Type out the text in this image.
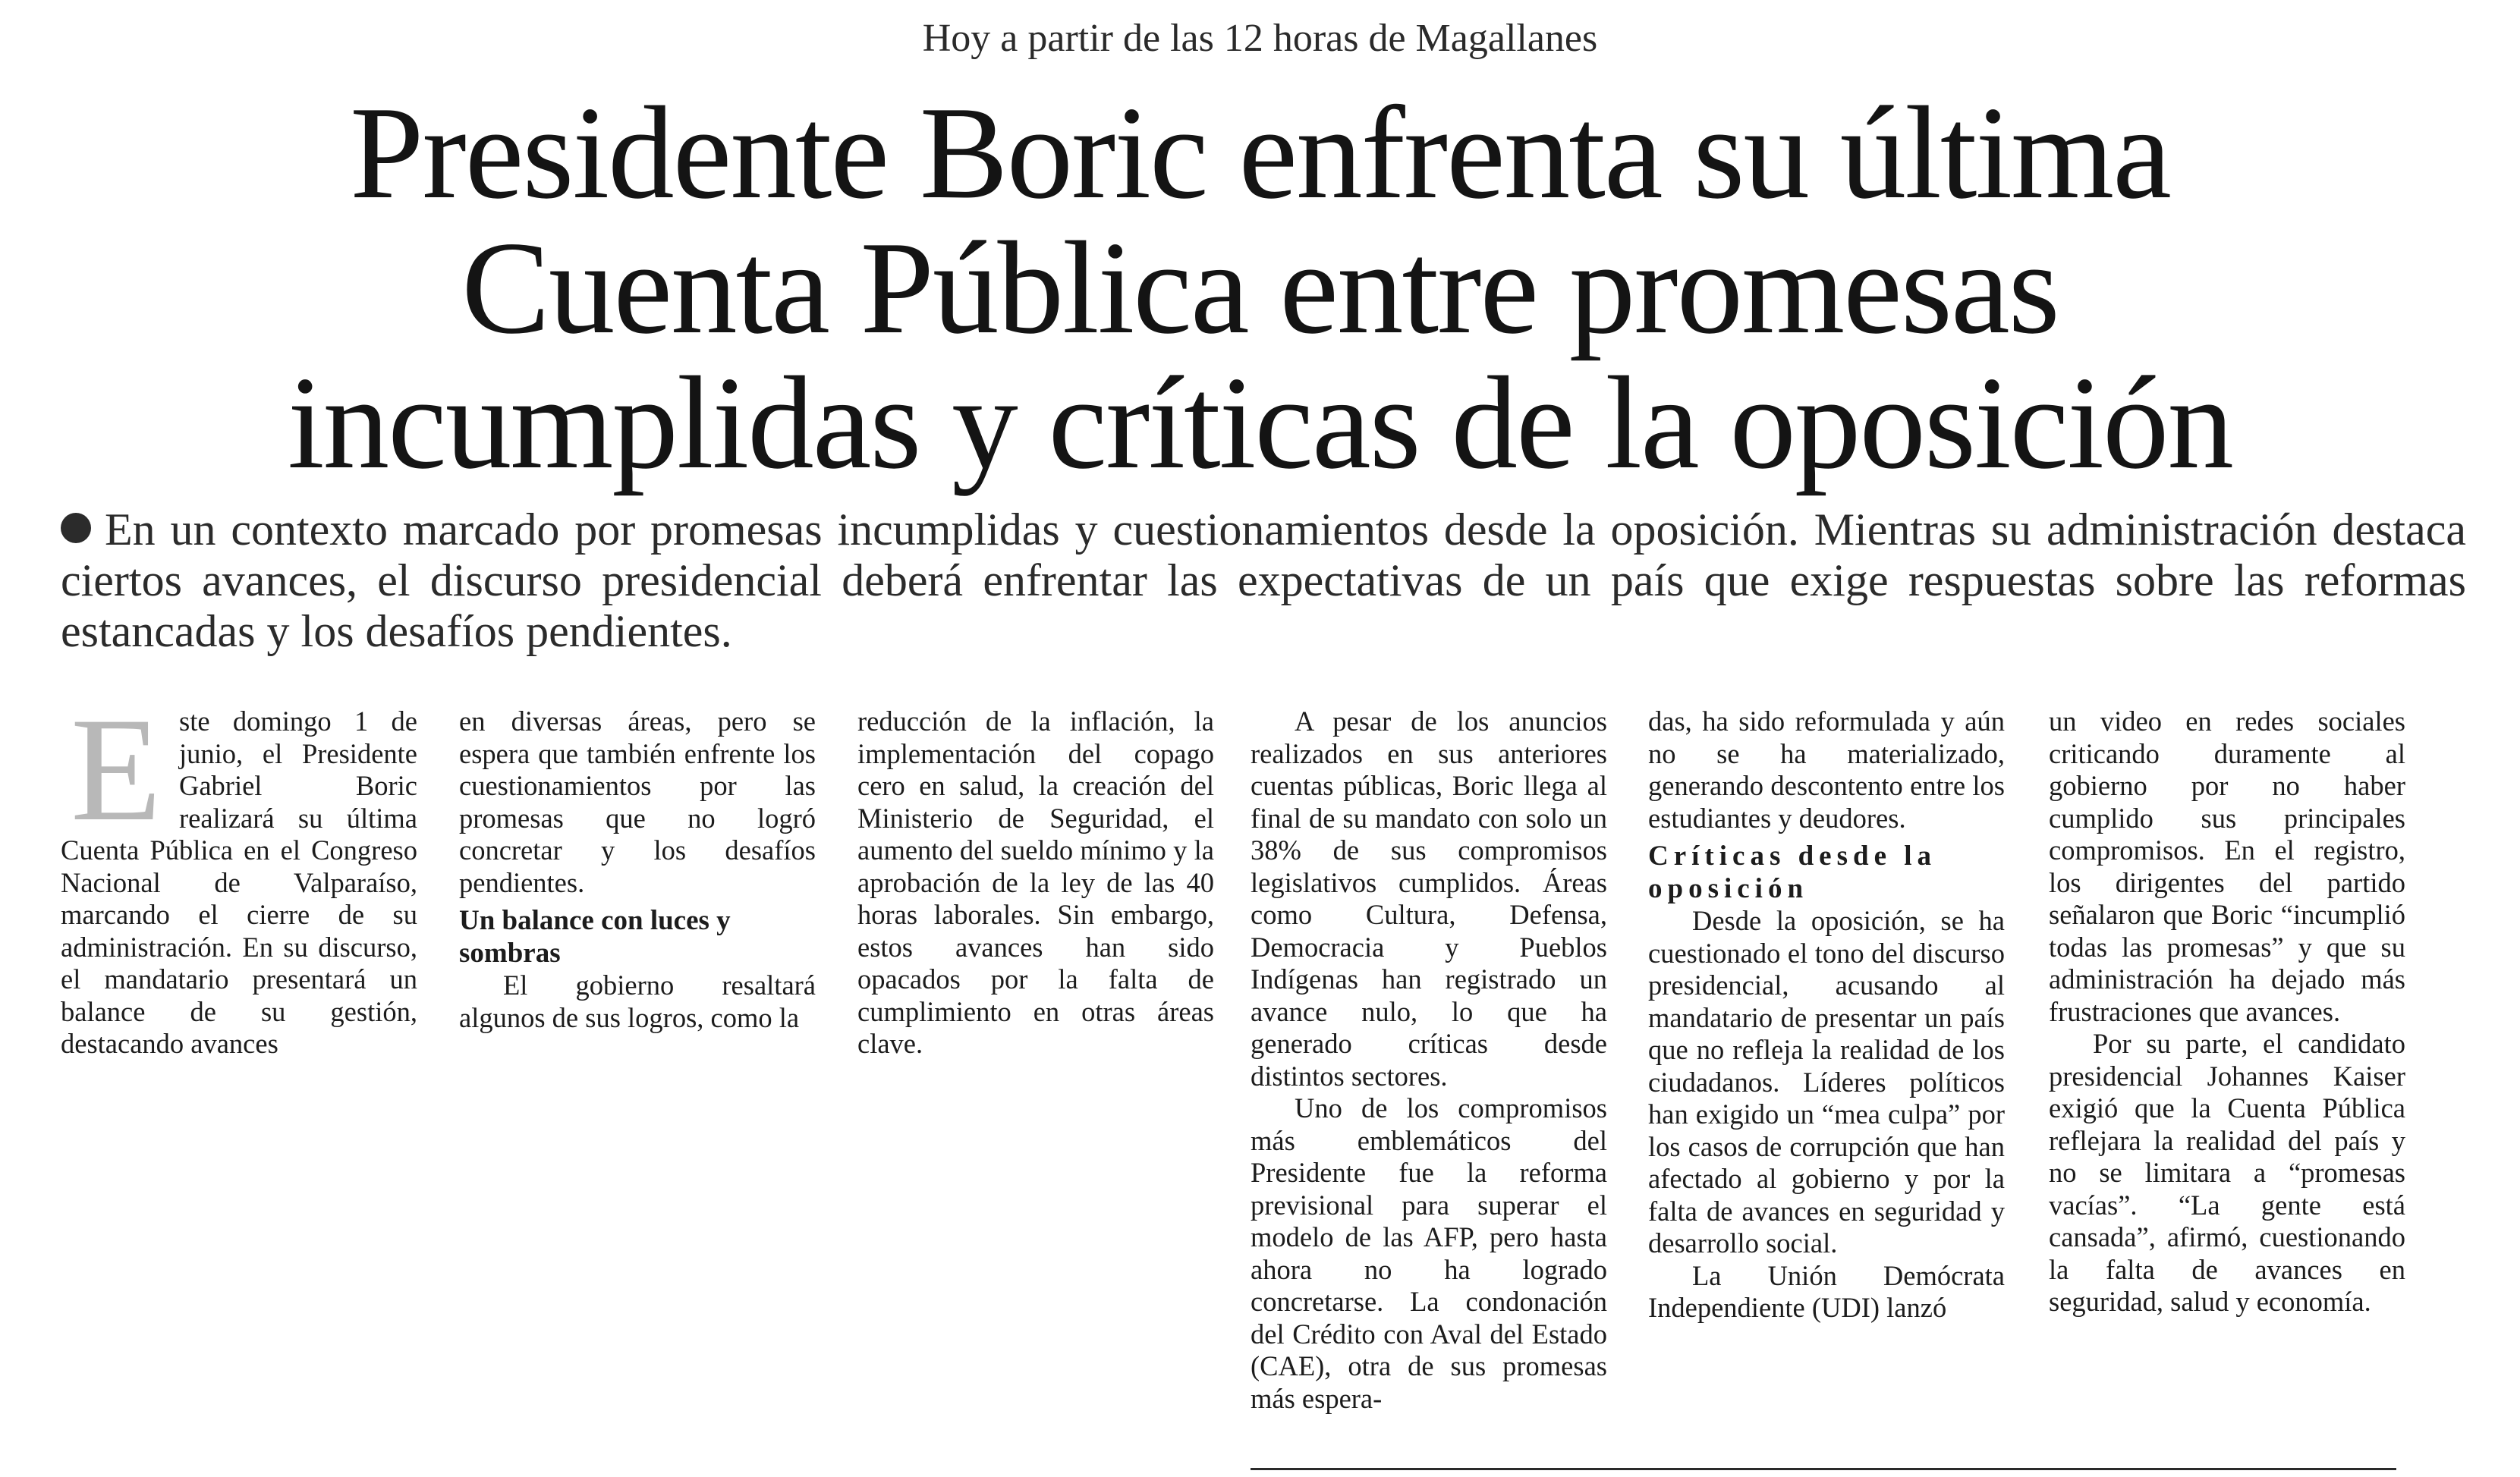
Hoy a partir de las 12 horas de Magallanes
Presidente Boric enfrenta su última
Cuenta Pública entre promesas
incumplidas y críticas de la oposición
En un contexto marcado por promesas incumplidas y cuestionamientos desde la oposición. Mientras su administración destaca ciertos avances, el discurso presidencial deberá enfrentar las expectativas de un país que exige respuestas sobre las reformas estancadas y los desafíos pendientes.
E ste domingo 1 de junio, el Presidente Gabriel Boric realizará su última Cuenta Pública en el Congreso Nacional de Valparaíso, marcando el cierre de su administración. En su discurso, el mandatario presentará un balance de su gestión, destacando avances

en diversas áreas, pero se espera que también enfrente los cuestionamientos por las promesas que no logró concretar y los desafíos pendientes.

Un balance con luces y sombras

El gobierno resaltará algunos de sus logros, como la

reducción de la inflación, la implementación del copago cero en salud, la creación del Ministerio de Seguridad, el aumento del sueldo mínimo y la aprobación de la ley de las 40 horas laborales. Sin embargo, estos avances han sido opacados por la falta de cumplimiento en otras áreas clave.

A pesar de los anuncios realizados en sus anteriores cuentas públicas, Boric llega al final de su mandato con solo un 38% de sus compromisos legislativos cumplidos. Áreas como Cultura, Defensa, Democracia y Pueblos Indígenas han registrado un avance nulo, lo que ha generado críticas desde distintos sectores.

Uno de los compromisos más emblemáticos del Presidente fue la reforma previsional para superar el modelo de las AFP, pero hasta ahora no ha logrado concretarse. La condonación del Crédito con Aval del Estado (CAE), otra de sus promesas más espera-

das, ha sido reformulada y aún no se ha materializado, generando descontento entre los estudiantes y deudores.

Críticas desde la oposición

Desde la oposición, se ha cuestionado el tono del discurso presidencial, acusando al mandatario de presentar un país que no refleja la realidad de los ciudadanos. Líderes políticos han exigido un “mea culpa” por los casos de corrupción que han afectado al gobierno y por la falta de avances en seguridad y desarrollo social.

La Unión Demócrata Independiente (UDI) lanzó

un video en redes sociales criticando duramente al gobierno por no haber cumplido sus principales compromisos. En el registro, los dirigentes del partido señalaron que Boric “incumplió todas las promesas” y que su administración ha dejado más frustraciones que avances.

Por su parte, el candidato presidencial Johannes Kaiser exigió que la Cuenta Pública reflejara la realidad del país y no se limitara a “promesas vacías”. “La gente está cansada”, afirmó, cuestionando la falta de avances en seguridad, salud y economía.
